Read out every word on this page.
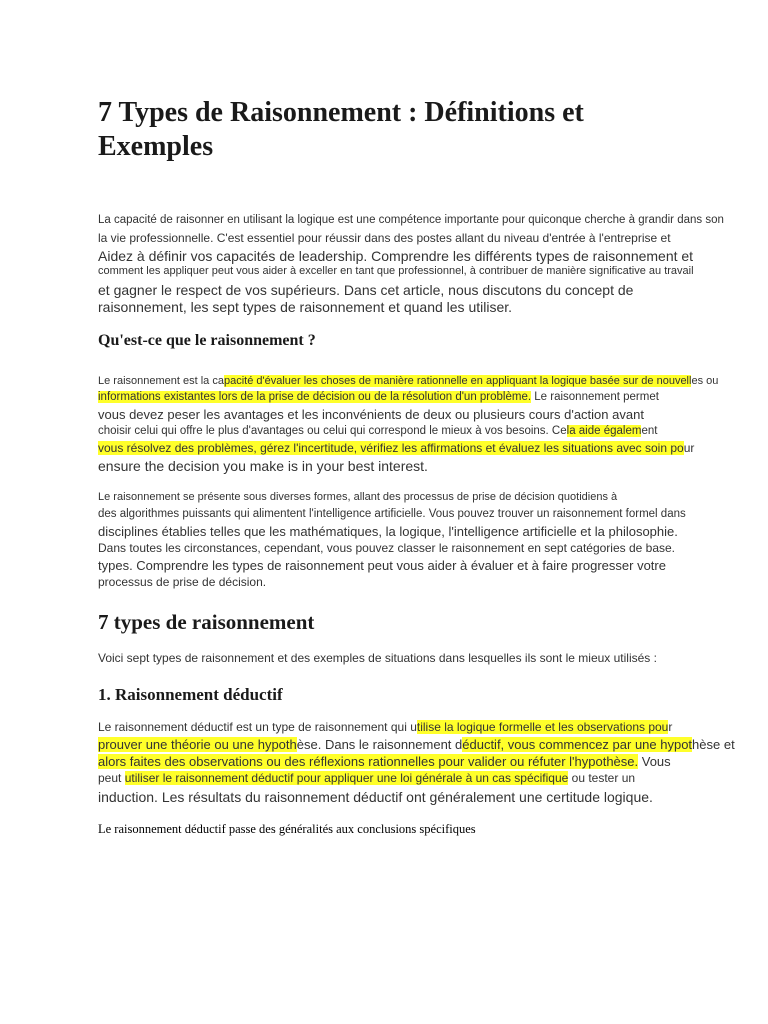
7 Types de Raisonnement : Définitions et
Exemples
La capacité de raisonner en utilisant la logique est une compétence importante pour quiconque cherche à grandir dans son
la vie professionnelle. C'est essentiel pour réussir dans des postes allant du niveau d'entrée à l'entreprise et
Aidez à définir vos capacités de leadership. Comprendre les différents types de raisonnement et
comment les appliquer peut vous aider à exceller en tant que professionnel, à contribuer de manière significative au travail
et gagner le respect de vos supérieurs. Dans cet article, nous discutons du concept de
raisonnement, les sept types de raisonnement et quand les utiliser.
Qu'est-ce que le raisonnement ?
Le raisonnement est la capacité d'évaluer les choses de manière rationnelle en appliquant la logique basée sur de nouvelles ou
informations existantes lors de la prise de décision ou de la résolution d'un problème. Le raisonnement permet
vous devez peser les avantages et les inconvénients de deux ou plusieurs cours d'action avant
choisir celui qui offre le plus d'avantages ou celui qui correspond le mieux à vos besoins. Cela aide également
vous résolvez des problèmes, gérez l'incertitude, vérifiez les affirmations et évaluez les situations avec soin pour
ensure the decision you make is in your best interest.
Le raisonnement se présente sous diverses formes, allant des processus de prise de décision quotidiens à
des algorithmes puissants qui alimentent l'intelligence artificielle. Vous pouvez trouver un raisonnement formel dans
disciplines établies telles que les mathématiques, la logique, l'intelligence artificielle et la philosophie.
Dans toutes les circonstances, cependant, vous pouvez classer le raisonnement en sept catégories de base.
types. Comprendre les types de raisonnement peut vous aider à évaluer et à faire progresser votre
processus de prise de décision.
7 types de raisonnement
Voici sept types de raisonnement et des exemples de situations dans lesquelles ils sont le mieux utilisés :
1. Raisonnement déductif
Le raisonnement déductif est un type de raisonnement qui utilise la logique formelle et les observations pour
prouver une théorie ou une hypothèse. Dans le raisonnement déductif, vous commencez par une hypothèse et
alors faites des observations ou des réflexions rationnelles pour valider ou réfuter l'hypothèse. Vous
peut utiliser le raisonnement déductif pour appliquer une loi générale à un cas spécifique ou tester un
induction. Les résultats du raisonnement déductif ont généralement une certitude logique.
Le raisonnement déductif passe des généralités aux conclusions spécifiques
